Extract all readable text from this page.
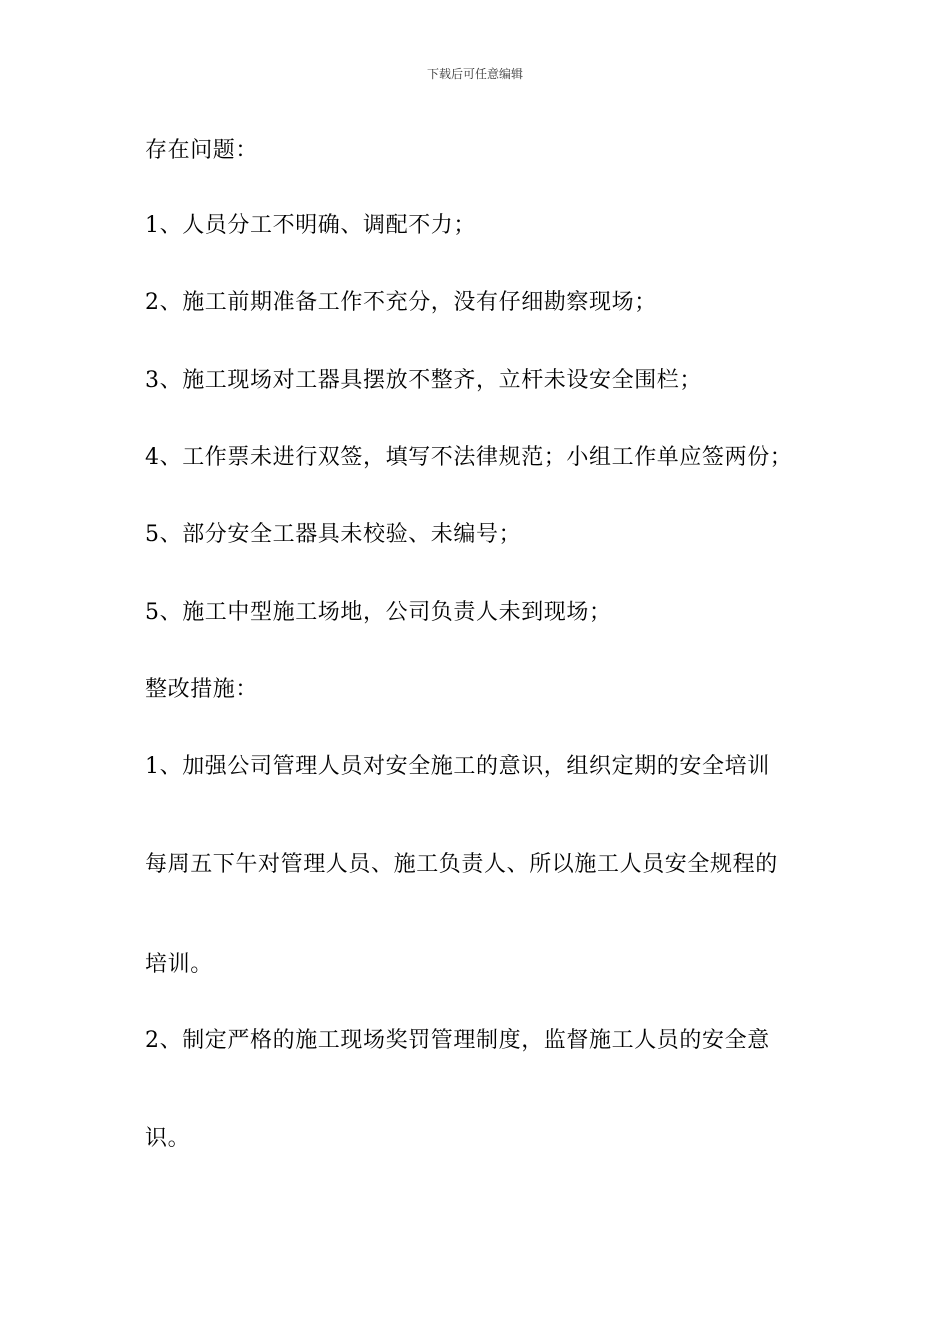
下载后可任意编辑
存在问题：
1、人员分工不明确、调配不力；
2、施工前期准备工作不充分，没有仔细勘察现场；
3、施工现场对工器具摆放不整齐，立杆未设安全围栏；
4、工作票未进行双签，填写不法律规范；小组工作单应签两份；
5、部分安全工器具未校验、未编号；
5、施工中型施工场地，公司负责人未到现场；
整改措施：
1、加强公司管理人员对安全施工的意识，组织定期的安全培训
每周五下午对管理人员、施工负责人、所以施工人员安全规程的
培训。
2、制定严格的施工现场奖罚管理制度，监督施工人员的安全意
识。
